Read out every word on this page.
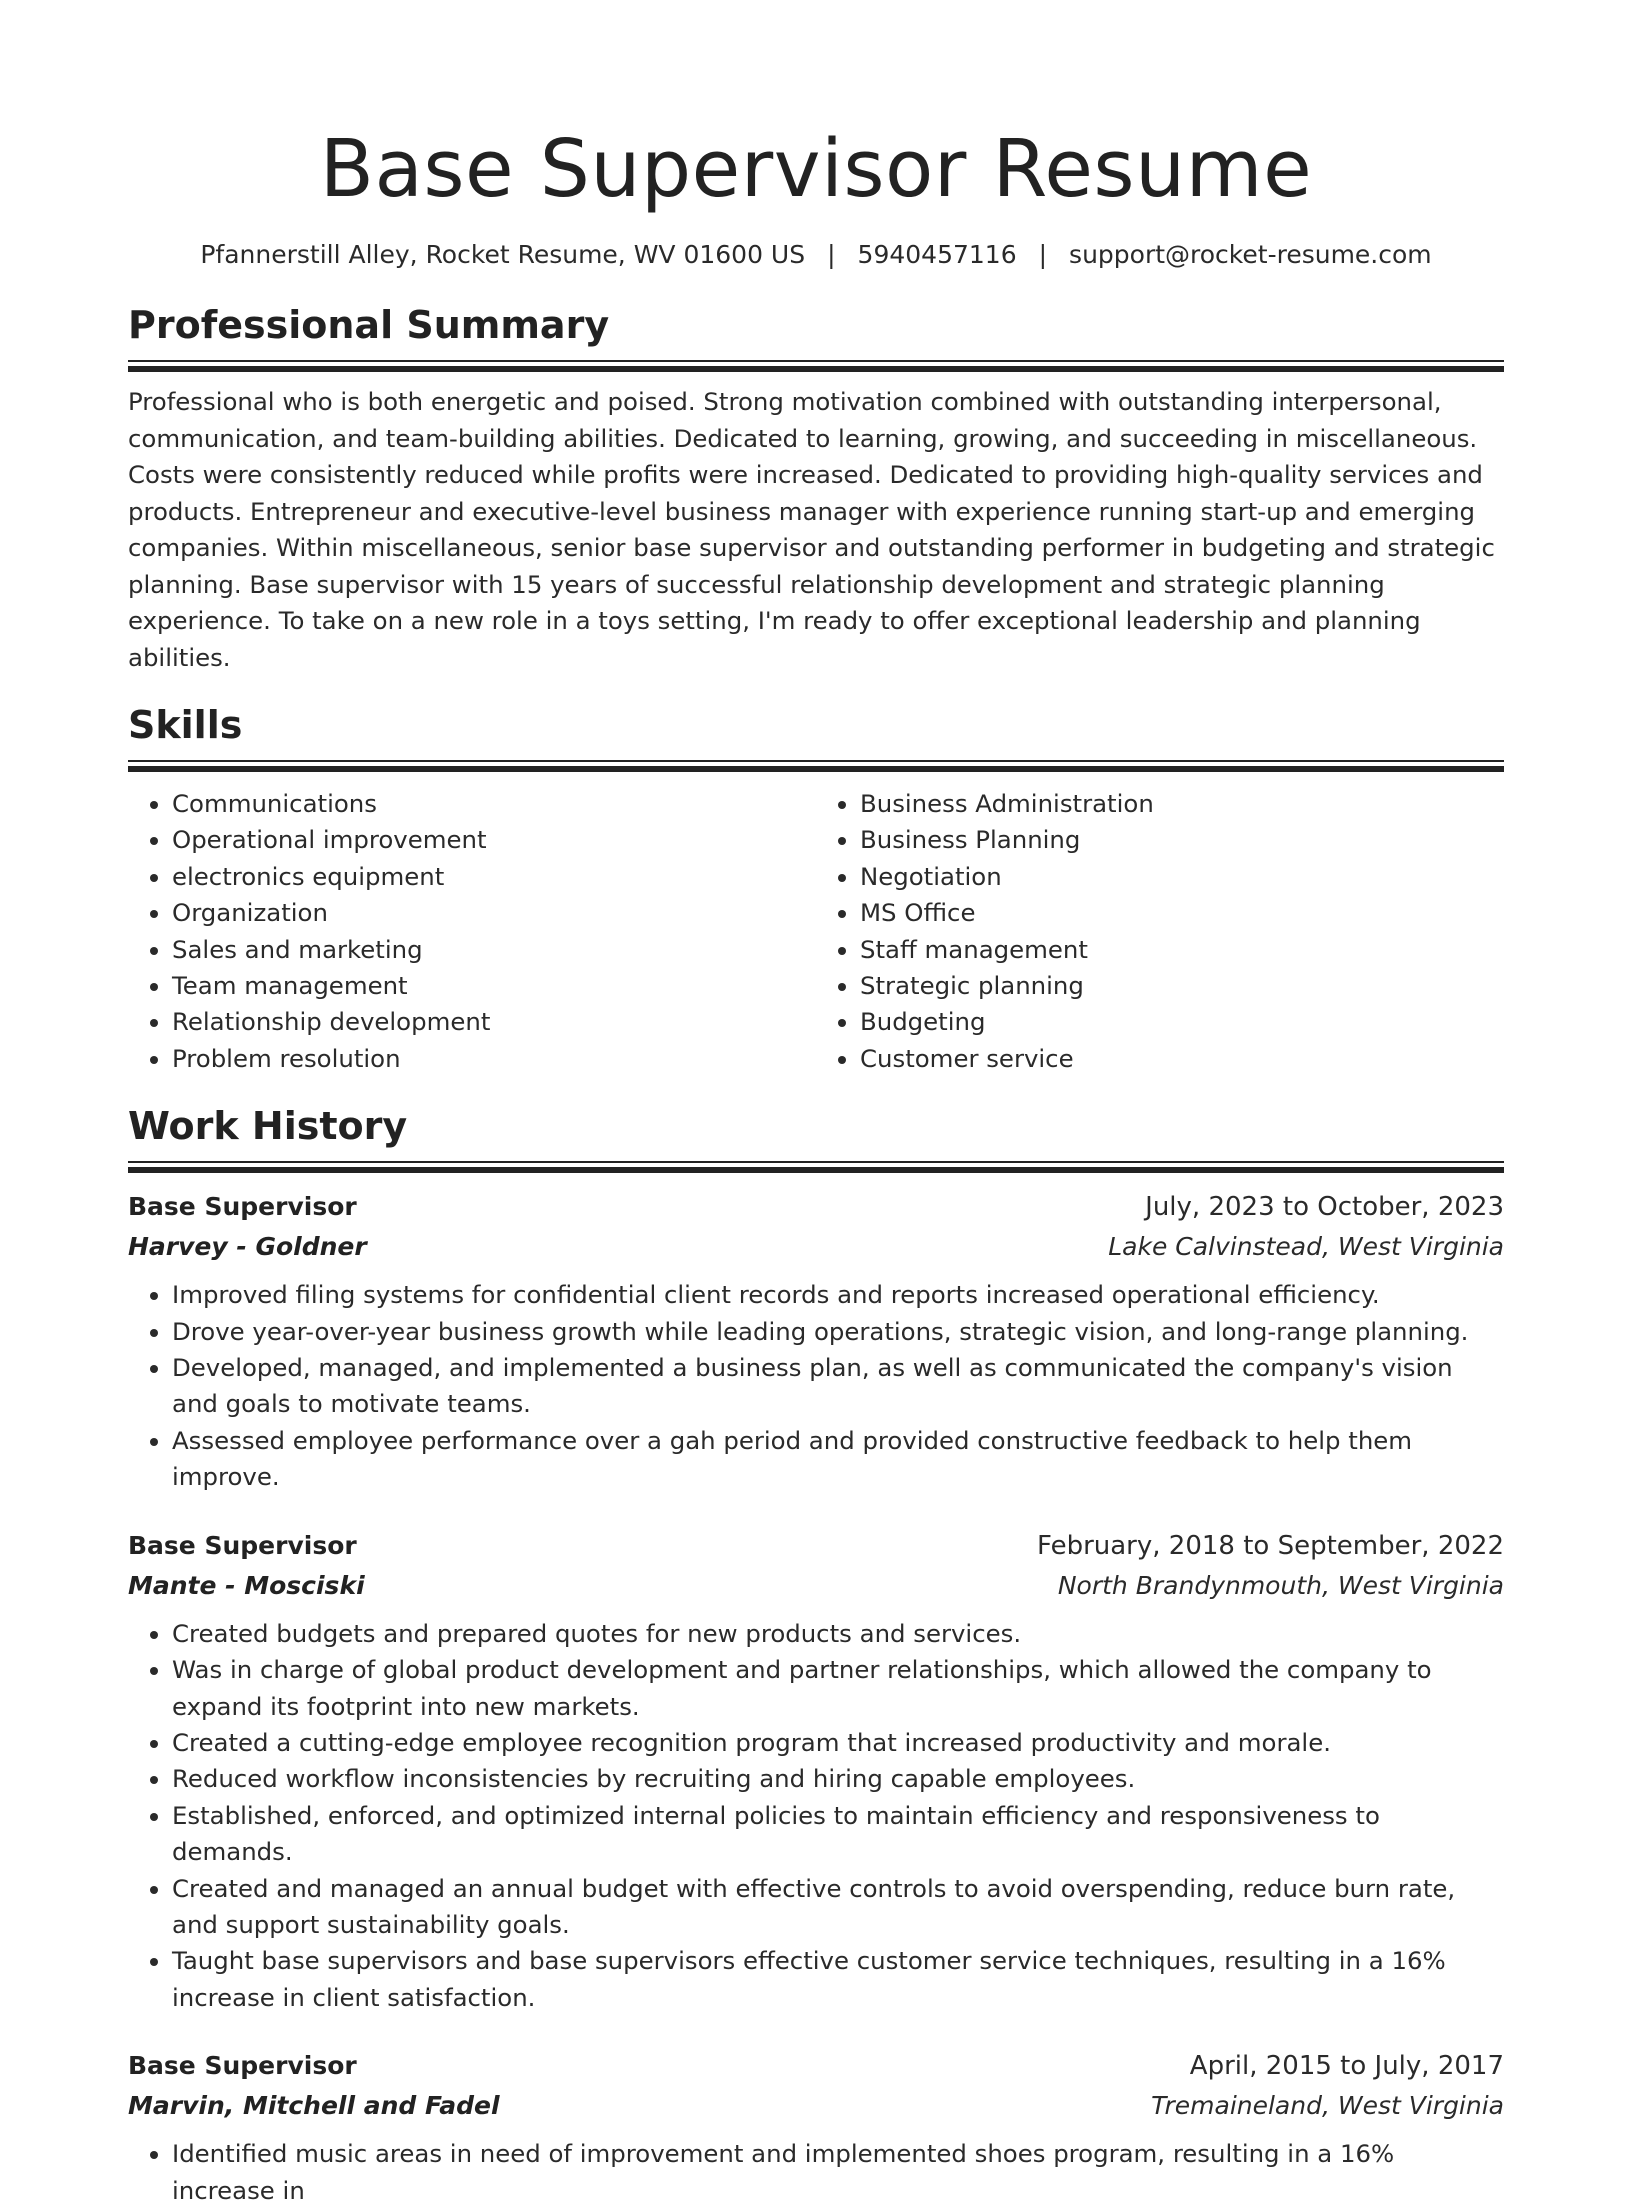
Base Supervisor Resume
Pfannerstill Alley, Rocket Resume, WV 01600 US | 5940457116 | support@rocket-resume.com
Professional Summary

Professional who is both energetic and poised. Strong motivation combined with outstanding interpersonal, communication, and team-building abilities. Dedicated to learning, growing, and succeeding in miscellaneous. Costs were consistently reduced while profits were increased. Dedicated to providing high-quality services and products. Entrepreneur and executive-level business manager with experience running start-up and emerging companies. Within miscellaneous, senior base supervisor and outstanding performer in budgeting and strategic planning. Base supervisor with 15 years of successful relationship development and strategic planning experience. To take on a new role in a toys setting, I'm ready to offer exceptional leadership and planning abilities.

Skills
• Communications
• Operational improvement
• electronics equipment
• Organization
• Sales and marketing
• Team management
• Relationship development
• Problem resolution
• Business Administration
• Business Planning
• Negotiation
• MS Office
• Staff management
• Strategic planning
• Budgeting
• Customer service
Work History
Base Supervisor	July, 2023 to October, 2023
Harvey - Goldner	Lake Calvinstead, West Virginia
• Improved filing systems for confidential client records and reports increased operational efficiency.
• Drove year-over-year business growth while leading operations, strategic vision, and long-range planning.
• Developed, managed, and implemented a business plan, as well as communicated the company's vision and goals to motivate teams.
• Assessed employee performance over a gah period and provided constructive feedback to help them improve.
Base Supervisor	February, 2018 to September, 2022
Mante - Mosciski	North Brandynmouth, West Virginia
• Created budgets and prepared quotes for new products and services.
• Was in charge of global product development and partner relationships, which allowed the company to expand its footprint into new markets.
• Created a cutting-edge employee recognition program that increased productivity and morale.
• Reduced workflow inconsistencies by recruiting and hiring capable employees.
• Established, enforced, and optimized internal policies to maintain efficiency and responsiveness to demands.
• Created and managed an annual budget with effective controls to avoid overspending, reduce burn rate, and support sustainability goals.
• Taught base supervisors and base supervisors effective customer service techniques, resulting in a 16% increase in client satisfaction.
Base Supervisor	April, 2015 to July, 2017
Marvin, Mitchell and Fadel	Tremaineland, West Virginia
• Identified music areas in need of improvement and implemented shoes program, resulting in a 16% increase in
